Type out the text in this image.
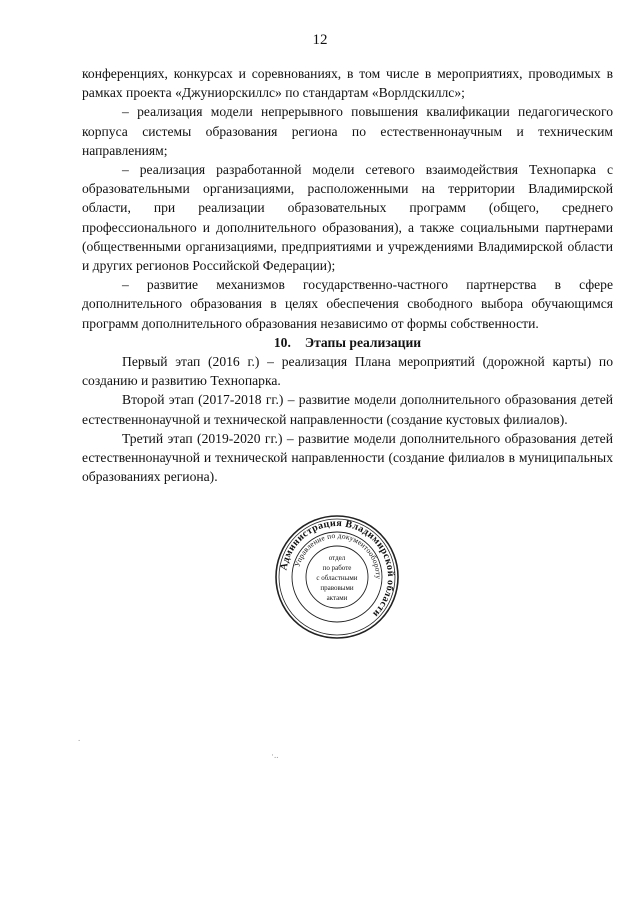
12

конференциях, конкурсах и соревнованиях, в том числе в мероприятиях, проводимых в рамках проекта «Джуниорскиллс» по стандартам «Ворлдскиллс»;

– реализация модели непрерывного повышения квалификации педагогического корпуса системы образования региона по естественнонаучным и техническим направлениям;

– реализация разработанной модели сетевого взаимодействия Технопарка с образовательными организациями, расположенными на территории Владимирской области, при реализации образовательных программ (общего, среднего профессионального и дополнительного образования), а также социальными партнерами (общественными организациями, предприятиями и учреждениями Владимирской области и других регионов Российской Федерации);

– развитие механизмов государственно-частного партнерства в сфере дополнительного образования в целях обеспечения свободного выбора обучающимся программ дополнительного образования независимо от формы собственности.

10. Этапы реализации

Первый этап (2016 г.) – реализация Плана мероприятий (дорожной карты) по созданию и развитию Технопарка.

Второй этап (2017-2018 гг.) – развитие модели дополнительного образования детей естественнонаучной и технической направленности (создание кустовых филиалов).

Третий этап (2019-2020 гг.) – развитие модели дополнительного образования детей естественнонаучной и технической направленности (создание филиалов в муниципальных образованиях региона).

Администрация Владимирской области
Управление по документообороту
отдел
по работе
с областными
правовыми
актами
.
·..
